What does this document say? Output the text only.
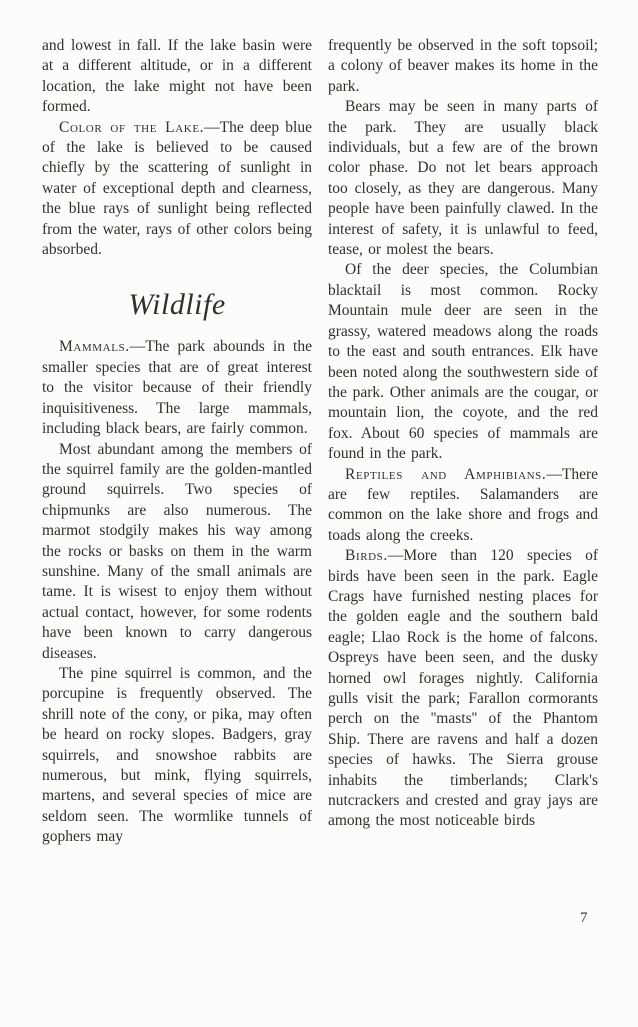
and lowest in fall. If the lake basin were at a different altitude, or in a different location, the lake might not have been formed.

Color of the Lake.—The deep blue of the lake is believed to be caused chiefly by the scattering of sunlight in water of exceptional depth and clearness, the blue rays of sunlight being reflected from the water, rays of other colors being absorbed.

Wildlife

Mammals.—The park abounds in the smaller species that are of great interest to the visitor because of their friendly inquisitiveness. The large mammals, including black bears, are fairly common.

Most abundant among the members of the squirrel family are the golden-mantled ground squirrels. Two species of chipmunks are also numerous. The marmot stodgily makes his way among the rocks or basks on them in the warm sunshine. Many of the small animals are tame. It is wisest to enjoy them without actual contact, however, for some rodents have been known to carry dangerous diseases.

The pine squirrel is common, and the porcupine is frequently observed. The shrill note of the cony, or pika, may often be heard on rocky slopes. Badgers, gray squirrels, and snowshoe rabbits are numerous, but mink, flying squirrels, martens, and several species of mice are seldom seen. The wormlike tunnels of gophers may

frequently be observed in the soft topsoil; a colony of beaver makes its home in the park.

Bears may be seen in many parts of the park. They are usually black individuals, but a few are of the brown color phase. Do not let bears approach too closely, as they are dangerous. Many people have been painfully clawed. In the interest of safety, it is unlawful to feed, tease, or molest the bears.

Of the deer species, the Columbian blacktail is most common. Rocky Mountain mule deer are seen in the grassy, watered meadows along the roads to the east and south entrances. Elk have been noted along the southwestern side of the park. Other animals are the cougar, or mountain lion, the coyote, and the red fox. About 60 species of mammals are found in the park.

Reptiles and Amphibians.—There are few reptiles. Salamanders are common on the lake shore and frogs and toads along the creeks.

Birds.—More than 120 species of birds have been seen in the park. Eagle Crags have furnished nesting places for the golden eagle and the southern bald eagle; Llao Rock is the home of falcons. Ospreys have been seen, and the dusky horned owl forages nightly. California gulls visit the park; Farallon cormorants perch on the ''masts'' of the Phantom Ship. There are ravens and half a dozen species of hawks. The Sierra grouse inhabits the timberlands; Clark's nutcrackers and crested and gray jays are among the most noticeable birds

7
